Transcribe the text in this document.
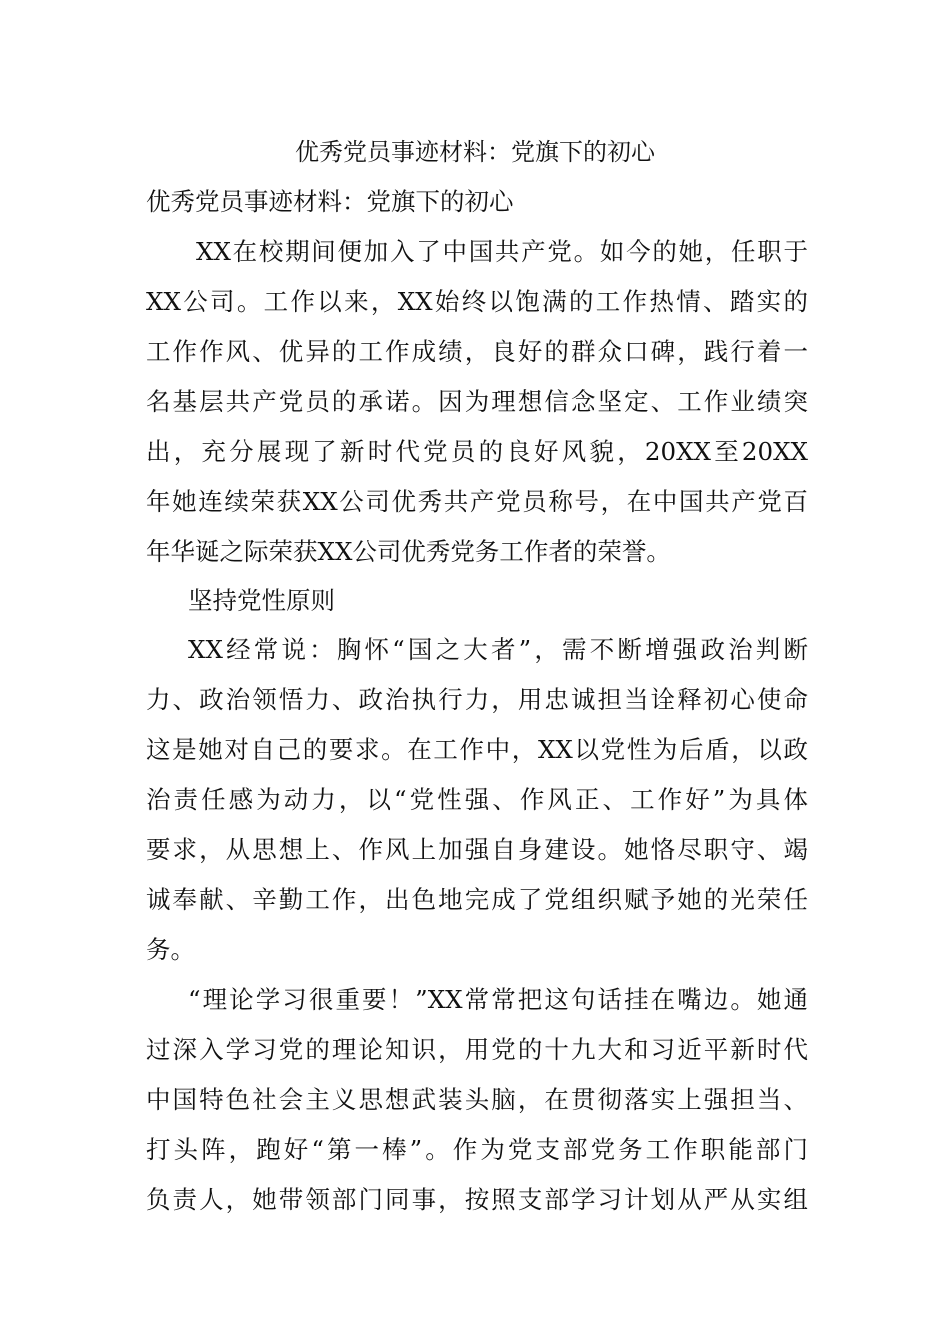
优秀党员事迹材料：党旗下的初心
优秀党员事迹材料：党旗下的初心
XX在校期间便加入了中国共产党。如今的她，任职于
XX公司。工作以来，XX始终以饱满的工作热情、踏实的
工作作风、优异的工作成绩，良好的群众口碑，践行着一
名基层共产党员的承诺。因为理想信念坚定、工作业绩突
出，充分展现了新时代党员的良好风貌，20XX至20XX
年她连续荣获XX公司优秀共产党员称号，在中国共产党百
年华诞之际荣获XX公司优秀党务工作者的荣誉。
坚持党性原则
XX经常说：胸怀“国之大者”，需不断增强政治判断
力、政治领悟力、政治执行力，用忠诚担当诠释初心使命
这是她对自己的要求。在工作中，XX以党性为后盾，以政
治责任感为动力，以“党性强、作风正、工作好”为具体
要求，从思想上、作风上加强自身建设。她恪尽职守、竭
诚奉献、辛勤工作，出色地完成了党组织赋予她的光荣任
务。
“理论学习很重要！”XX常常把这句话挂在嘴边。她通
过深入学习党的理论知识，用党的十九大和习近平新时代
中国特色社会主义思想武装头脑，在贯彻落实上强担当、
打头阵，跑好“第一棒”。作为党支部党务工作职能部门
负责人，她带领部门同事，按照支部学习计划从严从实组
